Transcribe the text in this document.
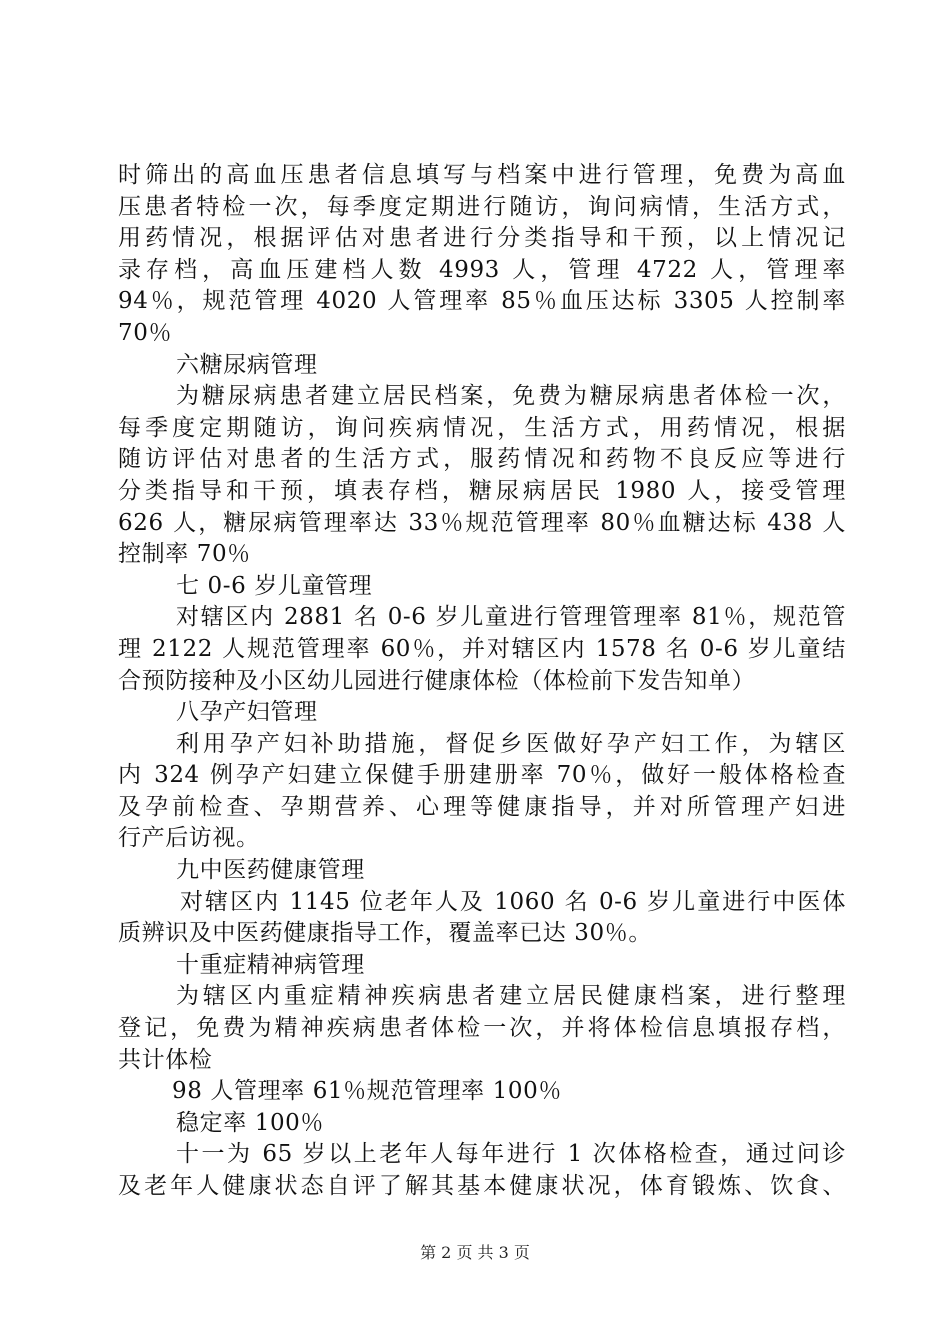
时筛出的高血压患者信息填写与档案中进行管理，免费为高血
压患者特检一次，每季度定期进行随访，询问病情，生活方式，
用药情况，根据评估对患者进行分类指导和干预，以上情况记
录存档，高血压建档人数 4993 人，管理 4722 人，管理率
94％，规范管理 4020 人管理率 85％血压达标 3305 人控制率
70％
六糖尿病管理
为糖尿病患者建立居民档案，免费为糖尿病患者体检一次，
每季度定期随访，询问疾病情况，生活方式，用药情况，根据
随访评估对患者的生活方式，服药情况和药物不良反应等进行
分类指导和干预，填表存档，糖尿病居民 1980 人，接受管理
626 人，糖尿病管理率达 33％规范管理率 80％血糖达标 438 人
控制率 70％
七 0-6 岁儿童管理
对辖区内 2881 名 0-6 岁儿童进行管理管理率 81％，规范管
理 2122 人规范管理率 60％，并对辖区内 1578 名 0-6 岁儿童结
合预防接种及小区幼儿园进行健康体检（体检前下发告知单）
八孕产妇管理
利用孕产妇补助措施，督促乡医做好孕产妇工作，为辖区
内 324 例孕产妇建立保健手册建册率 70％，做好一般体格检查
及孕前检查、孕期营养、心理等健康指导，并对所管理产妇进
行产后访视。
九中医药健康管理
对辖区内 1145 位老年人及 1060 名 0-6 岁儿童进行中医体
质辨识及中医药健康指导工作，覆盖率已达 30％。
十重症精神病管理
为辖区内重症精神疾病患者建立居民健康档案，进行整理
登记，免费为精神疾病患者体检一次，并将体检信息填报存档，
共计体检
98 人管理率 61％规范管理率 100％
稳定率 100％
十一为 65 岁以上老年人每年进行 1 次体格检查，通过问诊
及老年人健康状态自评了解其基本健康状况，体育锻炼、饮食、
第 2 页 共 3 页
